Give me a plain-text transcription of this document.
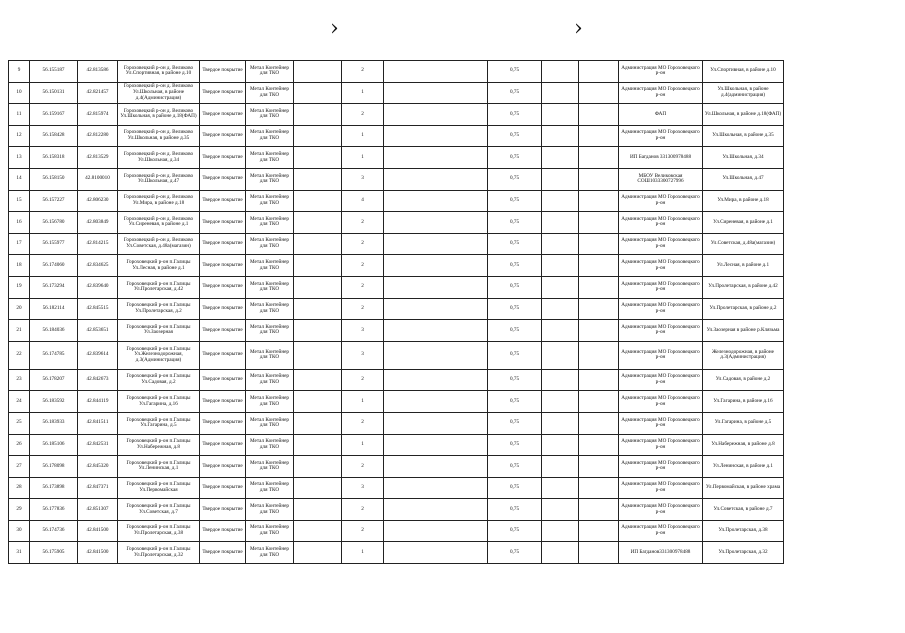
›	›
9	56.155187	42.813586	Гороховецкий р-он д. Великово Ул.Спортивная, в районе д.10	Твердое покрытие	Метал Контейнер для ТКО		2		0,75			Администрация МО Гороховецкого р-он	Ул.Спортивная, в районе д.10
10	56.150131	42.821457	Гороховецкий р-он д. Великово Ул.Школьная, в районе д.4(Администрация)	Твердое покрытие	Метал Контейнер для ТКО		1		0,75			Администрация МО Гороховецкого р-он	Ул.Школьная, в районе д.4(администрация)
11	56.159167	42.815974	Гороховецкий р-он д. Великово Ул.Школьная, в районе д.18(ФАП)	Твердое покрытие	Метал Контейнер для ТКО		2		0,75			ФАП	Ул.Школьная, в районе д.18(ФАП)
12	56.158428	42.812280	Гороховецкий р-он д. Великово Ул.Школьная, в районе д.35	Твердое покрытие	Метал Контейнер для ТКО		1		0,75			Администрация МО Гороховецкого р-он	Ул.Школьная, в районе д.35
13	56.158318	42.813529	Гороховецкий р-он д. Великово Ул.Школьная, д.34	Твердое покрытие	Метал Контейнер для ТКО		1		0,75			ИП Багданов 331300978488	Ул.Школьная, д.34
14	56.158150	42.8100010	Гороховецкий р-он д. Великово Ул.Школьная, д.47	Твердое покрытие	Метал Контейнер для ТКО		3		0,75			МБОУ Великовская СОШ1033300727996	Ул.Школьная, д.47
15	56.157227	42.806230	Гороховецкий р-он д. Великово Ул.Мира, в районе д.18	Твердое покрытие	Метал Контейнер для ТКО		4		0,75			Администрация МО Гороховецкого р-он	Ул.Мира, в районе д.18
16	56.156780	42.803849	Гороховецкий р-он д. Великово Ул.Сиреневая, в районе д.1	Твердое покрытие	Метал Контейнер для ТКО		2		0,75			Администрация МО Гороховецкого р-он	Ул.Сиреневая, в районе д.1
17	56.155977	42.814215	Гороховецкий р-он д. Великово Ул.Советская, д.48а(магазин)	Твердое покрытие	Метал Контейнер для ТКО		2		0,75			Администрация МО Гороховецкого р-он	Ул.Советская, д.48а(магазин)
18	56.174060	42.834625	Гороховецкий р-он п.Галицы Ул.Лесная, в районе д.1	Твердое покрытие	Метал Контейнер для ТКО		2		0,75			Администрация МО Гороховецкого р-он	Ул.Лесная, в районе д.1
19	56.173294	42.839640	Гороховецкий р-он п.Галицы Ул.Пролетарская, д.42	Твердое покрытие	Метал Контейнер для ТКО		2		0,75			Администрация МО Гороховецкого р-он	Ул.Пролетарская, в районе д.42
20	56.182114	42.845515	Гороховецкий р-он п.Галицы Ул.Пролетарская, д.2	Твердое покрытие	Метал Контейнер для ТКО		2		0,75			Администрация МО Гороховецкого р-он	Ул.Пролетарская, в районе д.2
21	56.184036	42.853651	Гороховецкий р-он п.Галицы Ул.Заозерная	Твердое покрытие	Метал Контейнер для ТКО		3		0,75			Администрация МО Гороховецкого р-он	Ул.Заозерная в районе р.Клязьма
22	56.174785	42.839614	Гороховецкий р-он п.Галицы Ул.Железнодорожная, д.3(Администрация)	Твердое покрытие	Метал Контейнер для ТКО		3		0,75			Администрация МО Гороховецкого р-он	Железнодорожная, в районе д.3(Администрация)
23	56.178207	42.842673	Гороховецкий р-он п.Галицы Ул.Садовая, д.2	Твердое покрытие	Метал Контейнер для ТКО		2		0,75			Администрация МО Гороховецкого р-он	Ул.Садовая, в районе д.2
24	56.183592	42.844119	Гороховецкий р-он п.Галицы Ул.Гагарина, д.16	Твердое покрытие	Метал Контейнер для ТКО		1		0,75			Администрация МО Гороховецкого р-он	Ул.Гагарина, в районе д.16
25	56.183933	42.841511	Гороховецкий р-он п.Галицы Ул.Гагарина, д.5	Твердое покрытие	Метал Контейнер для ТКО		2		0,75			Администрация МО Гороховецкого р-он	Ул.Гагарина, в районе д.5
26	56.185106	42.842531	Гороховецкий р-он п.Галицы Ул.Набережная, д.8	Твердое покрытие	Метал Контейнер для ТКО		1		0,75			Администрация МО Гороховецкого р-он	Ул.Набережная, в районе д.8
27	56.178098	42.845320	Гороховецкий р-он п.Галицы Ул.Ленинская, д.1	Твердое покрытие	Метал Контейнер для ТКО		2		0,75			Администрация МО Гороховецкого р-он	Ул.Ленинская, в районе д.1
28	56.173898	42.847371	Гороховецкий р-он п.Галицы Ул.Первомайская	Твердое покрытие	Метал Контейнер для ТКО		3		0,75			Администрация МО Гороховецкого р-он	Ул.Первомайская, в районе храма
29	56.177836	42.851307	Гороховецкий р-он п.Галицы Ул.Советская, д.7	Твердое покрытие	Метал Контейнер для ТКО		2		0,75			Администрация МО Гороховецкого р-он	Ул.Советская, в районе д.7
30	56.174736	42.841500	Гороховецкий р-он п.Галицы Ул.Пролетарская, д.38	Твердое покрытие	Метал Контейнер для ТКО		2		0,75			Администрация МО Гороховецкого р-он	Ул.Пролетарская, д.38
31	56.175905	42.841500	Гороховецкий р-он п.Галицы Ул.Пролетарская, д.32	Твердое покрытие	Метал Контейнер для ТКО		1		0,75			ИП Багданов331300978488	Ул.Пролетарская, д.32
